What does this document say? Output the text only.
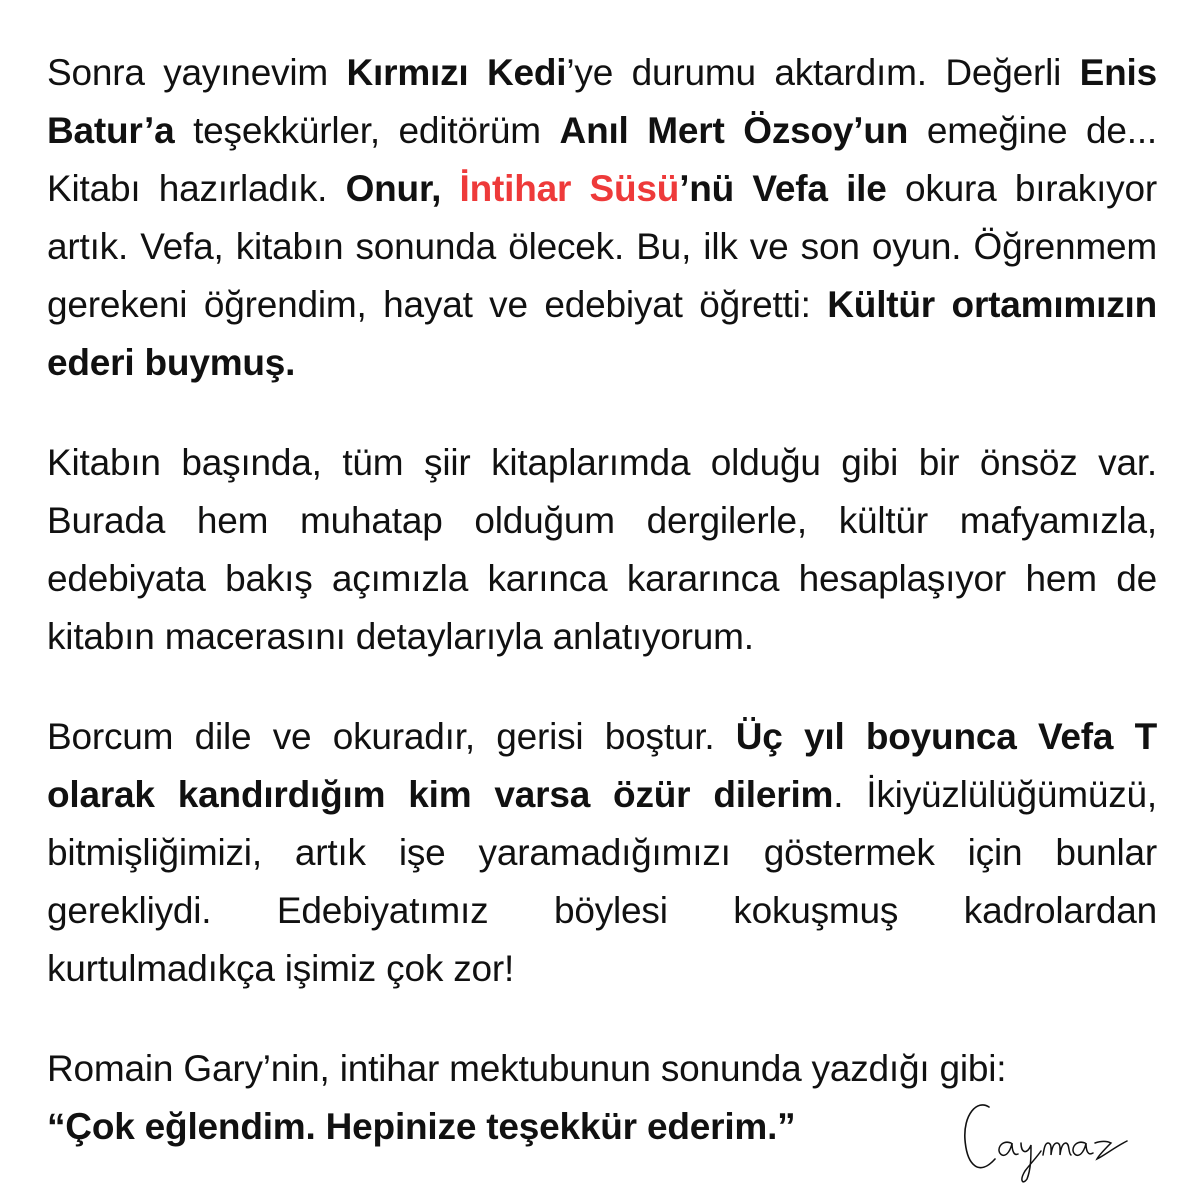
Sonra yayınevim Kırmızı Kedi’ye durumu aktardım. Değerli Enis Batur’a teşekkürler, editörüm Anıl Mert Özsoy’un emeğine de... Kitabı hazırladık. Onur, İntihar Süsü’nü Vefa ile okura bırakıyor artık. Vefa, kitabın sonunda ölecek. Bu, ilk ve son oyun. Öğrenmem gerekeni öğrendim, hayat ve edebiyat öğretti: Kültür ortamımızın ederi buymuş.

Kitabın başında, tüm şiir kitaplarımda olduğu gibi bir önsöz var. Burada hem muhatap olduğum dergilerle, kültür mafyamızla, edebiyata bakış açımızla karınca kararınca hesaplaşıyor hem de kitabın macerasını detaylarıyla anlatıyorum.

Borcum dile ve okuradır, gerisi boştur. Üç yıl boyunca Vefa T olarak kandırdığım kim varsa özür dilerim. İkiyüzlülüğümüzü, bitmişliğimizi, artık işe yaramadığımızı göstermek için bunlar gerekliydi. Edebiyatımız böylesi kokuşmuş kadrolardan kurtulmadıkça işimiz çok zor!

Romain Gary’nin, intihar mektubunun sonunda yazdığı gibi:
“Çok eğlendim. Hepinize teşekkür ederim.”
